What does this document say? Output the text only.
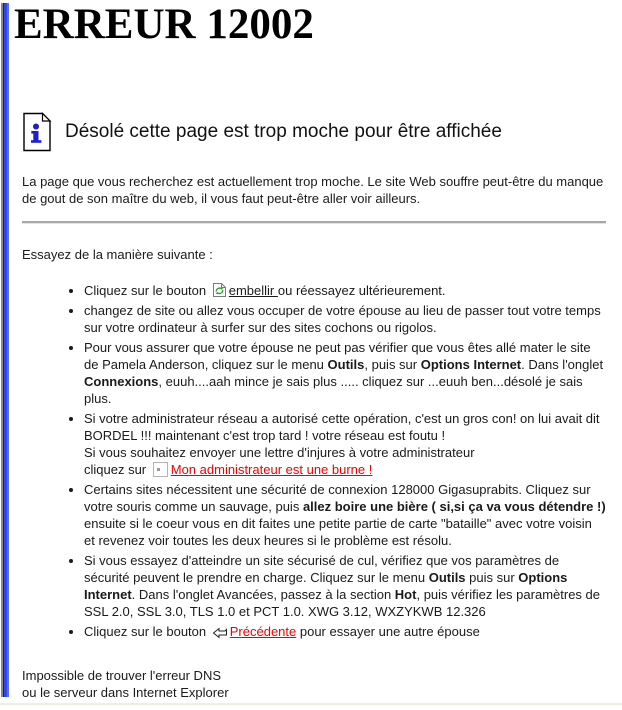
ERREUR 12002
Désolé cette page est trop moche pour être affichée
La page que vous recherchez est actuellement trop moche. Le site Web souffre peut-être du manque de gout de son maître du web, il vous faut peut-être aller voir ailleurs.
Essayez de la manière suivante :
• Cliquez sur le bouton embellir ou réessayez ultérieurement.
• changez de site ou allez vous occuper de votre épouse au lieu de passer tout votre temps sur votre ordinateur à surfer sur des sites cochons ou rigolos.
• Pour vous assurer que votre épouse ne peut pas vérifier que vous êtes allé mater le site de Pamela Anderson, cliquez sur le menu Outils, puis sur Options Internet. Dans l'onglet Connexions, euuh....aah mince je sais plus ..... cliquez sur ...euuh ben...désolé je sais plus.
• Si votre administrateur réseau a autorisé cette opération, c'est un gros con! on lui avait dit BORDEL !!! maintenant c'est trop tard ! votre réseau est foutu !
Si vous souhaitez envoyer une lettre d'injures à votre administrateur
cliquez sur Mon administrateur est une burne !
• Certains sites nécessitent une sécurité de connexion 128000 Gigasuprabits. Cliquez sur votre souris comme un sauvage, puis allez boire une bière ( si,si ça va vous détendre !) ensuite si le coeur vous en dit faites une petite partie de carte "bataille" avec votre voisin et revenez voir toutes les deux heures si le problème est résolu.
• Si vous essayez d'atteindre un site sécurisé de cul, vérifiez que vos paramètres de sécurité peuvent le prendre en charge. Cliquez sur le menu Outils puis sur Options Internet. Dans l'onglet Avancées, passez à la section Hot, puis vérifiez les paramètres de SSL 2.0, SSL 3.0, TLS 1.0 et PCT 1.0. XWG 3.12, WXZYKWB 12.326
• Cliquez sur le bouton Précédente pour essayer une autre épouse
Impossible de trouver l'erreur DNS
ou le serveur dans Internet Explorer
